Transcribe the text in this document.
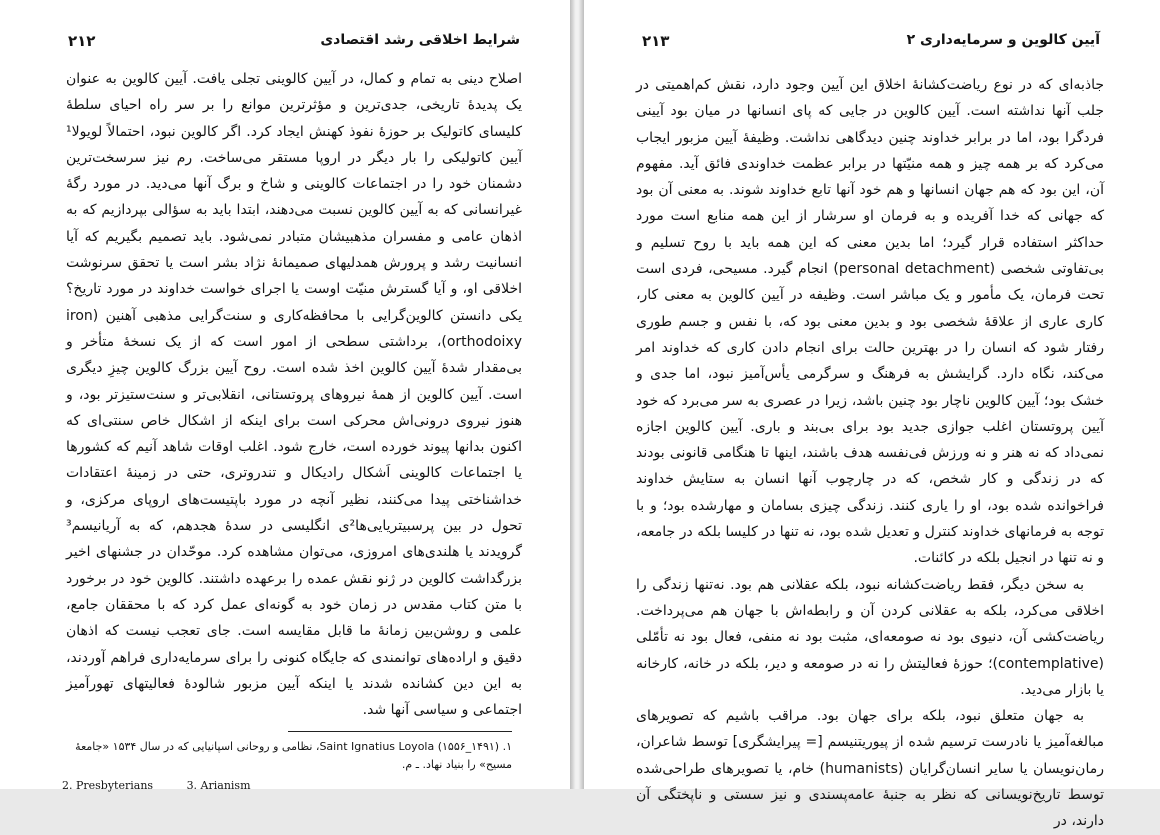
شرایط اخلاقی رشد اقتصادی
۲۱۲

اصلاح دینی به تمام و کمال، در آیین کالوینی تجلی یافت. آیین کالوین به عنوان یک پدیدهٔ تاریخی، جدی‌ترین و مؤثرترین موانع را بر سر راه احیای سلطهٔ کلیسای کاتولیک بر حوزهٔ نفوذ کهنش ایجاد کرد. اگر کالوین نبود، احتمالاً لویولا¹ آیین کاتولیکی را بار دیگر در اروپا مستقر می‌ساخت. رم نیز سرسخت‌ترین دشمنان خود را در اجتماعات کالوینی و شاخ و برگ آنها می‌دید. در مورد رگهٔ غیرانسانی که به آیین کالوین نسبت می‌دهند، ابتدا باید به سؤالی بپردازیم که به اذهان عامی و مفسران مذهبیشان متبادر نمی‌شود. باید تصمیم بگیریم که آیا انسانیت رشد و پرورش همدلیهای صمیمانهٔ نژاد بشر است یا تحقق سرنوشت اخلاقی او، و آیا گسترش منیّت اوست یا اجرای خواست خداوند در مورد تاریخ؟ یکی دانستن کالوین‌گرایی با محافظه‌کاری و سنت‌گرایی مذهبی آهنین (iron orthodoixy)، برداشتی سطحی از امور است که از یک نسخهٔ متأخر و بی‌مقدار شدهٔ آیین کالوین اخذ شده است. روح آیین بزرگ کالوین چیزِ دیگری است. آیین کالوین از همهٔ نیروهای پروتستانی، انقلابی‌تر و سنت‌ستیزتر بود، و هنوز نیروی درونی‌اش محرکی است برای اینکه از اشکال خاص سنتی‌ای که اکنون بدانها پیوند خورده است، خارج شود. اغلب اوقات شاهد آنیم که کشورها یا اجتماعات کالوینی اَشکال رادیکال و تندروتری، حتی در زمینهٔ اعتقادات خداشناختی پیدا می‌کنند، نظیر آنچه در مورد باپتیست‌های اروپای مرکزی، و تحول در بین پرسبیتریایی‌ها²ی انگلیسی در سدهٔ هجدهم، که به آریانیسم³ گرویدند یا هلندی‌های امروزی، می‌توان مشاهده کرد. موحّدان در جشنهای اخیر بزرگداشت کالوین در ژنو نقش عمده را برعهده داشتند. کالوین خود در برخورد با متن کتاب مقدس در زمان خود به گونه‌ای عمل کرد که با محققان جامع، علمی و روشن‌بین زمانهٔ ما قابل مقایسه است. جای تعجب نیست که اذهان دقیق و اراده‌های توانمندی که جایگاه کنونی را برای سرمایه‌داری فراهم آوردند، به این دین کشانده شدند یا اینکه آیین مزبور شالودهٔ فعالیتهای تهورآمیز اجتماعی و سیاسی آنها شد.

۱. Saint Ignatius Loyola (۱۵۵۶_۱۴۹۱)، نظامی و روحانی اسپانیایی که در سال ۱۵۳۴ «جامعهٔ مسیح» را بنیاد نهاد. ـ م.

2. Presbyterians	3. Arianism
آیین کالوین و سرمایه‌داری ۲
۲۱۳

جاذبه‌ای که در نوع ریاضت‌کشانهٔ اخلاق این آیین وجود دارد، نقش کم‌اهمیتی در جلب آنها نداشته است. آیین کالوین در جایی که پای انسانها در میان بود آیینی فردگرا بود، اما در برابر خداوند چنین دیدگاهی نداشت. وظیفهٔ آیین مزبور ایجاب می‌کرد که بر همه چیز و همه منیّتها در برابر عظمت خداوندی فائق آید. مفهوم آن، این بود که هم جهان انسانها و هم خود آنها تابع خداوند شوند. به معنی آن بود که جهانی که خدا آفریده و به فرمان او سرشار از این همه منابع است مورد حداکثر استفاده قرار گیرد؛ اما بدین معنی که این همه باید با روح تسلیم و بی‌تفاوتی شخصی (personal detachment) انجام گیرد. مسیحی، فردی است تحت فرمان، یک مأمور و یک مباشر است. وظیفه در آیین کالوین به معنی کار، کاری عاری از علاقهٔ شخصی بود و بدین معنی بود که، با نفس و جسم طوری رفتار شود که انسان را در بهترین حالت برای انجام دادن کاری که خداوند امر می‌کند، نگاه دارد. گرایشش به فرهنگ و سرگرمی یأس‌آمیز نبود، اما جدی و خشک بود؛ آیین کالوین ناچار بود چنین باشد، زیرا در عصری به سر می‌برد که خود آیین پروتستان اغلب جوازی جدید بود برای بی‌بند و باری. آیین کالوین اجازه نمی‌داد که نه هنر و نه ورزش فی‌نفسه هدف باشند، اینها تا هنگامی قانونی بودند که در زندگی و کار شخص، که در چارچوب آنها انسان به ستایش خداوند فراخوانده شده بود، او را یاری کنند. زندگی چیزی بسامان و مهارشده بود؛ و با توجه به فرمانهای خداوند کنترل و تعدیل شده بود، نه تنها در کلیسا بلکه در جامعه، و نه تنها در انجیل بلکه در کائنات.

به سخن دیگر، فقط ریاضت‌کشانه نبود، بلکه عقلانی هم بود. نه‌تنها زندگی را اخلاقی می‌کرد، بلکه به عقلانی کردن آن و رابطه‌اش با جهان هم می‌پرداخت. ریاضت‌کشی آن، دنیوی بود نه صومعه‌ای، مثبت بود نه منفی، فعال بود نه تأمّلی (contemplative)؛ حوزهٔ فعالیتش را نه در صومعه و دیر، بلکه در خانه، کارخانه یا بازار می‌دید.

به جهان متعلق نبود، بلکه برای جهان بود. مراقب باشیم که تصویرهای مبالغه‌آمیز یا نادرست ترسیم شده از پیوریتنیسم [= پیرایشگری] توسط شاعران، رمان‌نویسان یا سایر انسان‌گرایان (humanists) خام، یا تصویرهای طراحی‌شده توسط تاریخ‌نویسانی که نظر به جنبهٔ عامه‌پسندی و نیز سستی و ناپختگی آن دارند، در
